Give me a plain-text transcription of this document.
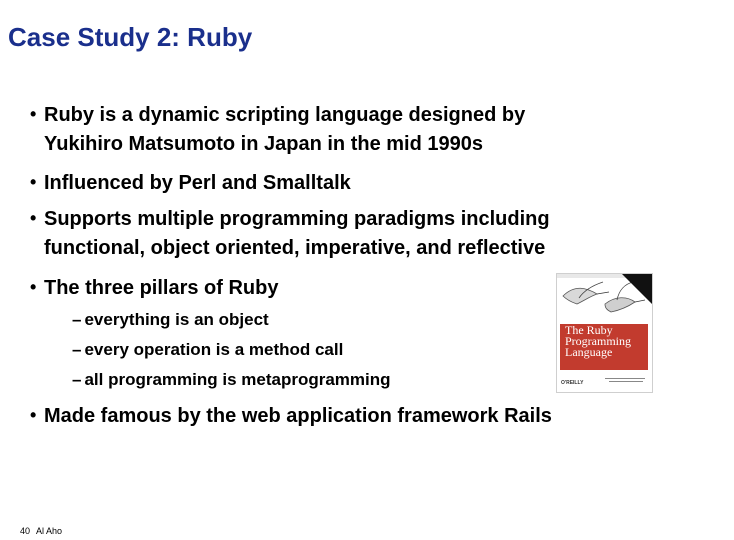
Case Study 2: Ruby
• Ruby is a dynamic scripting language designed by
Yukihiro Matsumoto in Japan in the mid 1990s
• Influenced by Perl and Smalltalk
• Supports multiple programming paradigms including
functional, object oriented, imperative, and reflective
• The three pillars of Ruby
– everything is an object
– every operation is a method call
– all programming is metaprogramming
• Made famous by the web application framework Rails
The Ruby
Programming
Language
O'REILLY
40 Al Aho
